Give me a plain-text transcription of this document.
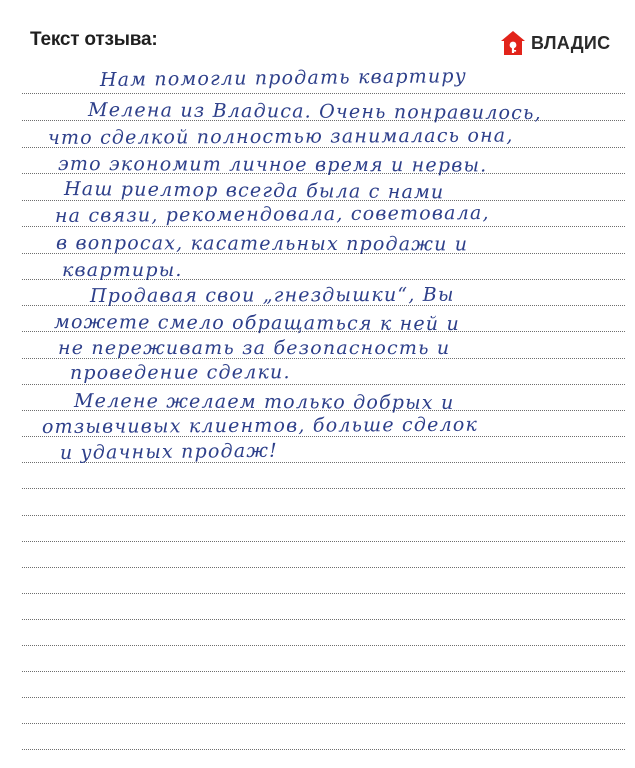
Текст отзыва:	ВЛАДИС
Нам помогли продать квартиру
Мелена из Владиса. Очень понравилось,
что сделкой полностью занималась она,
это экономит личное время и нервы.
Наш риелтор всегда была с нами
на связи, рекомендовала, советовала,
в вопросах, касательных продажи и
квартиры.
Продавая свои „гнездышки“, Вы
можете смело обращаться к ней и
не переживать за безопасность и
проведение сделки.
Мелене желаем только добрых и
отзывчивых клиентов, больше сделок
и удачных продаж!
